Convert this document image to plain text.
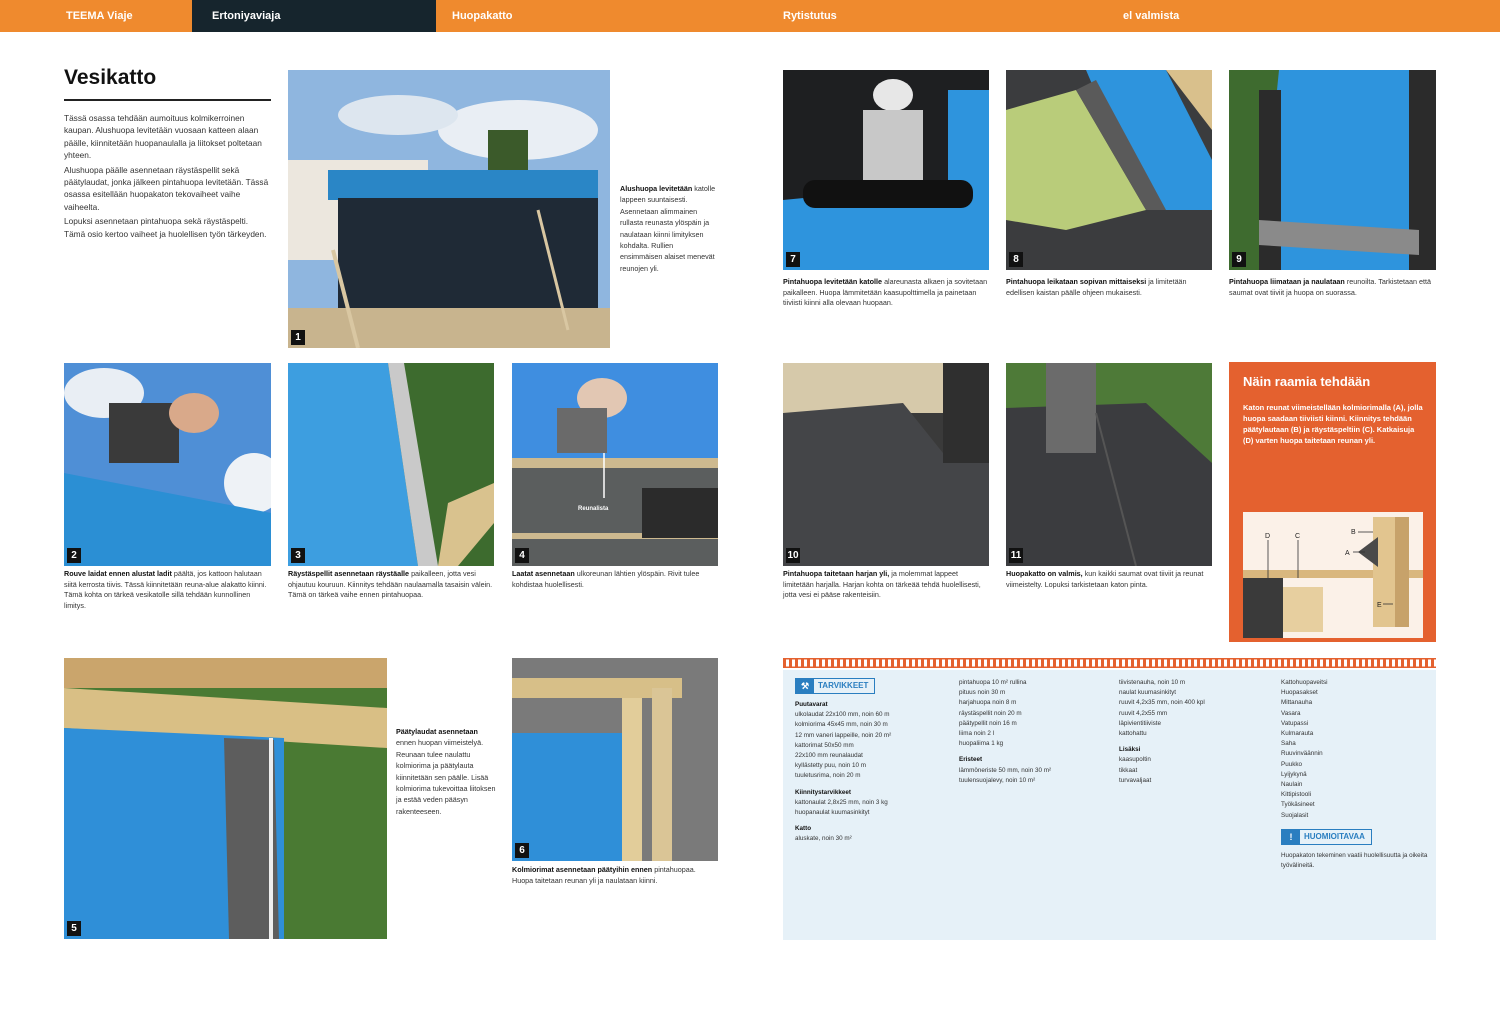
TEEMA Viaje	Ertoniyaviaja	Huopakatto	Rytistutus	el valmista
Vesikatto

Tässä osassa tehdään aumoituus kolmikerroinen kaupan. Alushuopa levitetään vuosaan katteen alaan päälle, kiinnitetään huopanaulalla ja liitokset poltetaan yhteen.

Alushuopa päälle asennetaan räystäspellit sekä päätylaudat, jonka jälkeen pintahuopa levitetään. Tässä osassa esitellään huopakaton tekovaiheet vaihe vaiheelta.

Lopuksi asennetaan pintahuopa sekä räystäspelti. Tämä osio kertoo vaiheet ja huolellisen työn tärkeyden.

1
Alushuopa levitetään katolle lappeen suuntaisesti. Asennetaan alimmainen rullasta reunasta ylöspäin ja naulataan kiinni limityksen kohdalta. Rullien ensimmäisen alaiset menevät reunojen yli.
2
Rouve laidat ennen alustat ladit päältä, jos kattoon halutaan siitä kerrosta tiivis. Tässä kiinnitetään reuna-alue alakatto kiinni. Tämä kohta on tärkeä vesikatolle sillä tehdään kunnollinen limitys.
3
Räystäspellit asennetaan räystäalle paikalleen, jotta vesi ohjautuu kouruun. Kiinnitys tehdään naulaamalla tasaisin välein. Tämä on tärkeä vaihe ennen pintahuopaa.
Reunalista
4
Laatat asennetaan ulkoreunan lähtien ylöspäin. Rivit tulee kohdistaa huolellisesti.
5
Päätylaudat asennetaan ennen huopan viimeistelyä. Reunaan tulee naulattu kolmiorima ja päätylauta kiinnitetään sen päälle. Lisää kolmiorima tukevoittaa liitoksen ja estää veden pääsyn rakenteeseen.
6
Kolmiorimat asennetaan päätyihin ennen pintahuopaa. Huopa taitetaan reunan yli ja naulataan kiinni.
7
Pintahuopa levitetään katolle alareunasta alkaen ja sovitetaan paikalleen. Huopa lämmitetään kaasupolttimella ja painetaan tiiviisti kiinni alla olevaan huopaan.
8
Pintahuopa leikataan sopivan mittaiseksi ja limitetään edellisen kaistan päälle ohjeen mukaisesti.
9
Pintahuopa liimataan ja naulataan reunoilta. Tarkistetaan että saumat ovat tiiviit ja huopa on suorassa.
10
Pintahuopa taitetaan harjan yli, ja molemmat lappeet limitetään harjalla. Harjan kohta on tärkeää tehdä huolellisesti, jotta vesi ei pääse rakenteisiin.
11
Huopakatto on valmis, kun kaikki saumat ovat tiiviit ja reunat viimeistelty. Lopuksi tarkistetaan katon pinta.
Näin raamia tehdään
Katon reunat viimeistellään kolmiorimalla (A), jolla huopa saadaan tiiviisti kiinni. Kiinnitys tehdään päätylautaan (B) ja räystäspeltiin (C). Katkaisuja (D) varten huopa taitetaan reunan yli.
B
A
C
D
E
⚒	TARVIKKEET
Puutavarat
ulkolaudat 22x100 mm, noin 60 m
kolmiorima 45x45 mm, noin 30 m
12 mm vaneri lappeille, noin 20 m²
kattorimat 50x50 mm
22x100 mm reunalaudat
kyllästetty puu, noin 10 m
tuuletusrima, noin 20 m
Kiinnitystarvikkeet
kattonaulat 2,8x25 mm, noin 3 kg
huopanaulat kuumasinkityt
Katto
aluskate, noin 30 m²
pintahuopa 10 m² rullina
pituus noin 30 m
harjahuopa noin 8 m
räystäspellit noin 20 m
päätypellit noin 16 m
liima noin 2 l
huopaliima 1 kg
Eristeet
lämmöneriste 50 mm, noin 30 m²
tuulensuojalevy, noin 10 m²
tiivistenauha, noin 10 m
naulat kuumasinkityt
ruuvit 4,2x35 mm, noin 400 kpl
ruuvit 4,2x55 mm
läpivientitiiviste
kattohattu
Lisäksi
kaasupoltin
tikkaat
turvavaljaat
Kattohuopaveitsi
Huopasakset
Mittanauha
Vasara
Vatupassi
Kulmarauta
Saha
Ruuvinväännin
Puukko
Lyijykynä
Naulain
Kittipistooli
Työkäsineet
Suojalasit
!	HUOMIOITAVAA
Huopakaton tekeminen vaatii huolellisuutta ja oikeita työvälineitä.
